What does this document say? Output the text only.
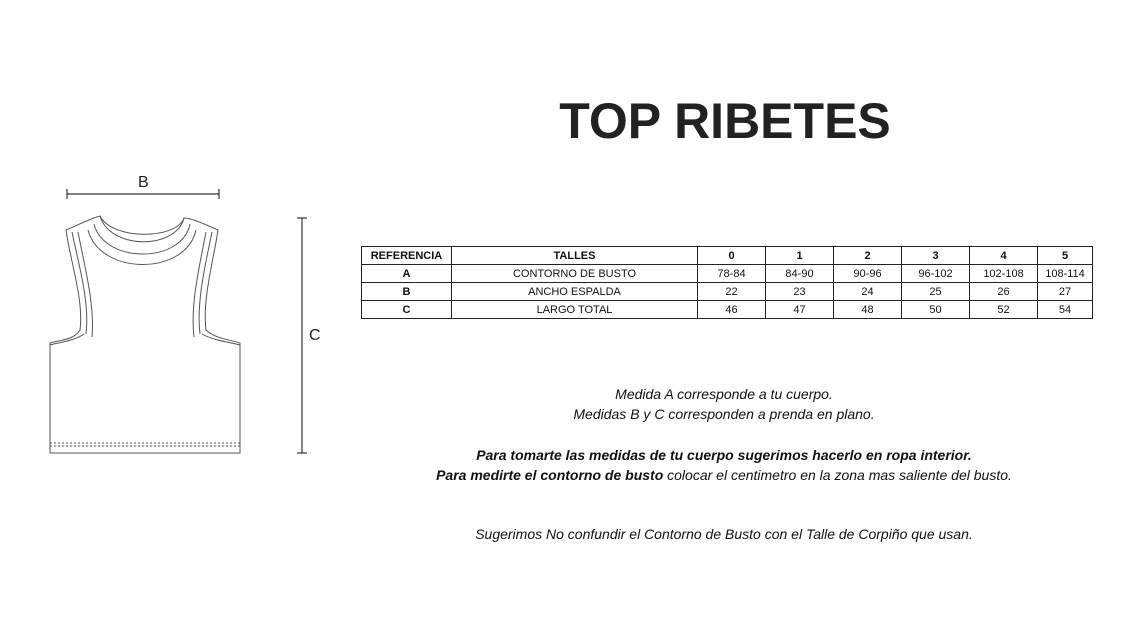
TOP RIBETES
B
C
REFERENCIA	TALLES	0	1	2	3	4	5
A	CONTORNO DE BUSTO	78-84	84-90	90-96	96-102	102-108	108-114
B	ANCHO ESPALDA	22	23	24	25	26	27
C	LARGO TOTAL	46	47	48	50	52	54

Medida A corresponde a tu cuerpo.

Medidas B y C corresponden a prenda en plano.

Para tomarte las medidas de tu cuerpo sugerimos hacerlo en ropa interior.

Para medirte el contorno de busto colocar el centimetro en la zona mas saliente del busto.

Sugerimos No confundir el Contorno de Busto con el Talle de Corpiño que usan.
